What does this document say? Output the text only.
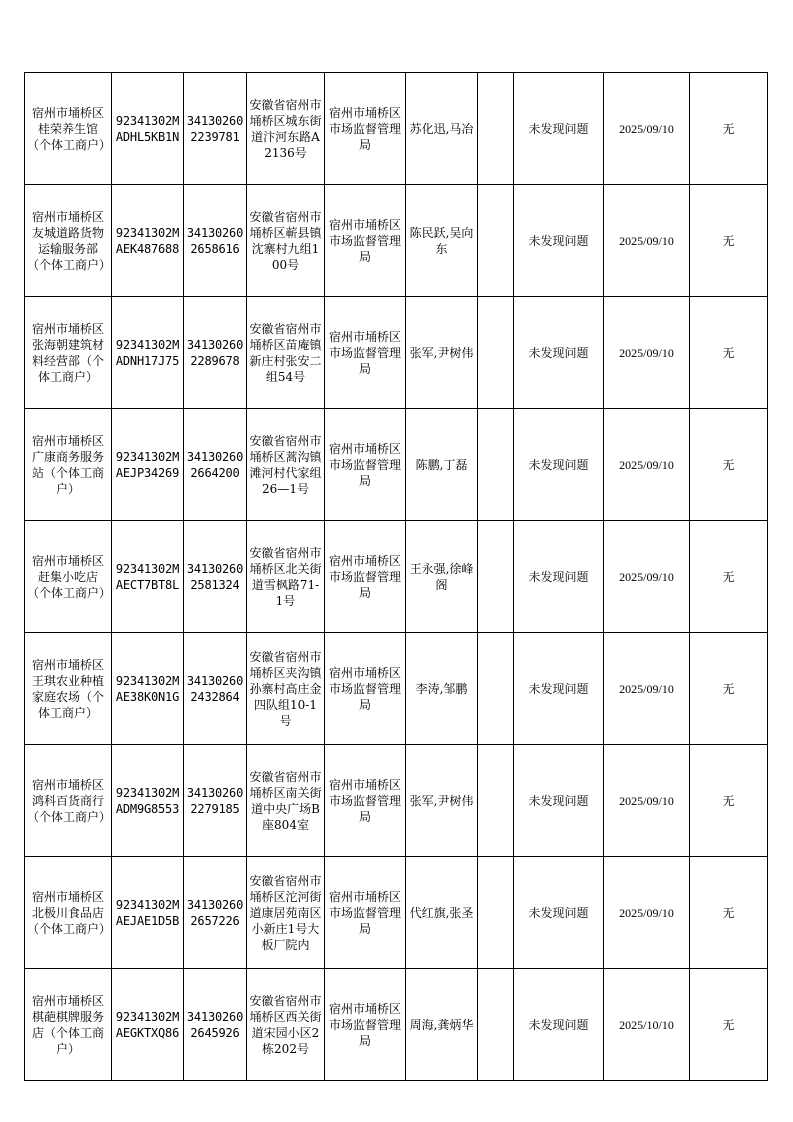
宿州市埇桥区桂荣养生馆（个体工商户）	92341302MADHL5KB1N	341302602239781	安徽省宿州市埇桥区城东街道汴河东路A2136号	宿州市埇桥区市场监督管理局	苏化迅,马冶		未发现问题	2025/09/10	无
宿州市埇桥区友城道路货物运输服务部（个体工商户）	92341302MAEK487688	341302602658616	安徽省宿州市埇桥区蕲县镇沈寨村九组100号	宿州市埇桥区市场监督管理局	陈民跃,吴向东		未发现问题	2025/09/10	无
宿州市埇桥区张海朝建筑材料经营部（个体工商户）	92341302MADNH17J75	341302602289678	安徽省宿州市埇桥区苗庵镇新庄村张安二组54号	宿州市埇桥区市场监督管理局	张军,尹树伟		未发现问题	2025/09/10	无
宿州市埇桥区广康商务服务站（个体工商户）	92341302MAEJP34269	341302602664200	安徽省宿州市埇桥区蒿沟镇滩河村代家组26—1号	宿州市埇桥区市场监督管理局	陈鹏,丁磊		未发现问题	2025/09/10	无
宿州市埇桥区赶集小吃店（个体工商户）	92341302MAECT7BT8L	341302602581324	安徽省宿州市埇桥区北关街道雪枫路71-1号	宿州市埇桥区市场监督管理局	王永强,徐峰阁		未发现问题	2025/09/10	无
宿州市埇桥区王琪农业种植家庭农场（个体工商户）	92341302MAE38K0N1G	341302602432864	安徽省宿州市埇桥区夹沟镇孙寨村高庄金四队组10-1号	宿州市埇桥区市场监督管理局	李涛,邹鹏		未发现问题	2025/09/10	无
宿州市埇桥区鸿科百货商行（个体工商户）	92341302MADM9G8553	341302602279185	安徽省宿州市埇桥区南关街道中央广场B座804室	宿州市埇桥区市场监督管理局	张军,尹树伟		未发现问题	2025/09/10	无
宿州市埇桥区北极川食品店（个体工商户）	92341302MAEJAE1D5B	341302602657226	安徽省宿州市埇桥区沱河街道康居苑南区小新庄1号大板厂院内	宿州市埇桥区市场监督管理局	代红旗,张圣		未发现问题	2025/09/10	无
宿州市埇桥区棋葩棋牌服务店（个体工商户）	92341302MAEGKTXQ86	341302602645926	安徽省宿州市埇桥区西关街道宋园小区2栋202号	宿州市埇桥区市场监督管理局	周海,龚炳华		未发现问题	2025/10/10	无
